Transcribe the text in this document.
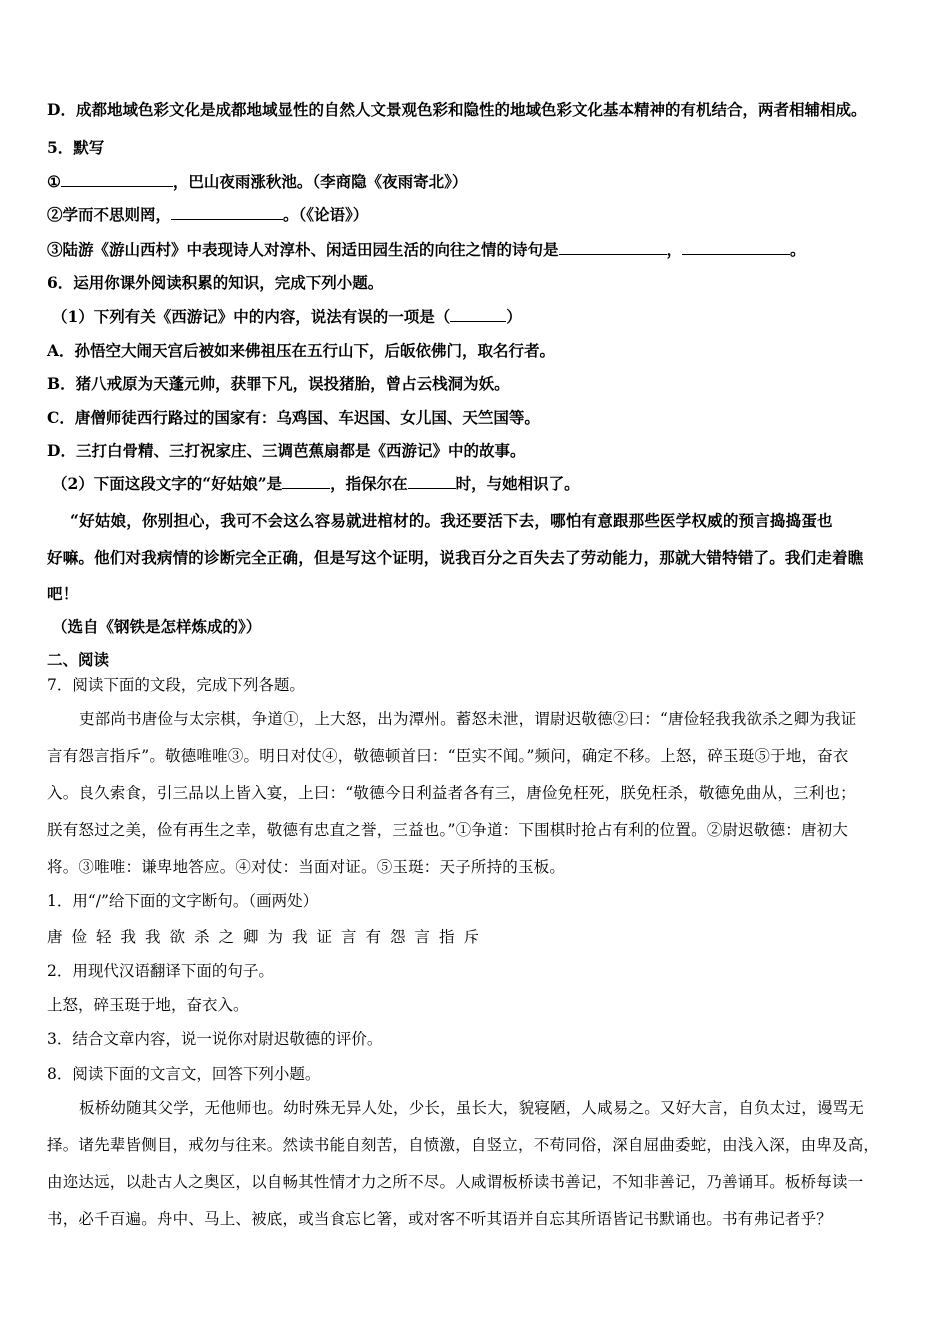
D．成都地域色彩文化是成都地域显性的自然人文景观色彩和隐性的地域色彩文化基本精神的有机结合，两者相辅相成。
5．默写
①	，巴山夜雨涨秋池。（李商隐《夜雨寄北》）
②学而不思则罔，	。（《论语》）
③陆游《游山西村》中表现诗人对淳朴、闲适田园生活的向往之情的诗句是	，	。
6．运用你课外阅读积累的知识，完成下列小题。
（1）下列有关《西游记》中的内容，说法有误的一项是（	）
A．孙悟空大闹天宫后被如来佛祖压在五行山下，后皈依佛门，取名行者。
B．猪八戒原为天蓬元帅，获罪下凡，误投猪胎，曾占云栈洞为妖。
C．唐僧师徒西行路过的国家有：乌鸡国、车迟国、女儿国、天竺国等。
D．三打白骨精、三打祝家庄、三调芭蕉扇都是《西游记》中的故事。
（2）下面这段文字的“好姑娘”是	，指保尔在	时，与她相识了。
“好姑娘，你别担心，我可不会这么容易就进棺材的。我还要活下去，哪怕有意跟那些医学权威的预言捣捣蛋也
好嘛。他们对我病情的诊断完全正确，但是写这个证明，说我百分之百失去了劳动能力，那就大错特错了。我们走着瞧
吧！
（选自《钢铁是怎样炼成的》）
二、阅读
7．阅读下面的文段，完成下列各题。
吏部尚书唐俭与太宗棋，争道①，上大怒，出为潭州。蓄怒未泄，谓尉迟敬德②曰：“唐俭轻我我欲杀之卿为我证
言有怨言指斥”。敬德唯唯③。明日对仗④，敬德顿首曰：“臣实不闻。”频问，确定不移。上怒，碎玉珽⑤于地，奋衣
入。良久索食，引三品以上皆入宴，上曰：“敬德今日利益者各有三，唐俭免枉死，朕免枉杀，敬德免曲从，三利也；
朕有怒过之美，俭有再生之幸，敬德有忠直之誉，三益也。”①争道：下围棋时抢占有利的位置。②尉迟敬德：唐初大
将。③唯唯：谦卑地答应。④对仗：当面对证。⑤玉珽：天子所持的玉板。
1．用“/”给下面的文字断句。（画两处）
唐俭轻我我欲杀之卿为我证言有怨言指斥
2．用现代汉语翻译下面的句子。
上怒，碎玉珽于地，奋衣入。
3．结合文章内容，说一说你对尉迟敬德的评价。
8．阅读下面的文言文，回答下列小题。
板桥幼随其父学，无他师也。幼时殊无异人处，少长，虽长大，貌寝陋，人咸易之。又好大言，自负太过，谩骂无
择。诸先辈皆侧目，戒勿与往来。然读书能自刻苦，自愤激，自竖立，不苟同俗，深自屈曲委蛇，由浅入深，由卑及高，
由迩达远，以赴古人之奥区，以自畅其性情才力之所不尽。人咸谓板桥读书善记，不知非善记，乃善诵耳。板桥每读一
书，必千百遍。舟中、马上、被底，或当食忘匕箸，或对客不听其语并自忘其所语皆记书默诵也。书有弗记者乎？
